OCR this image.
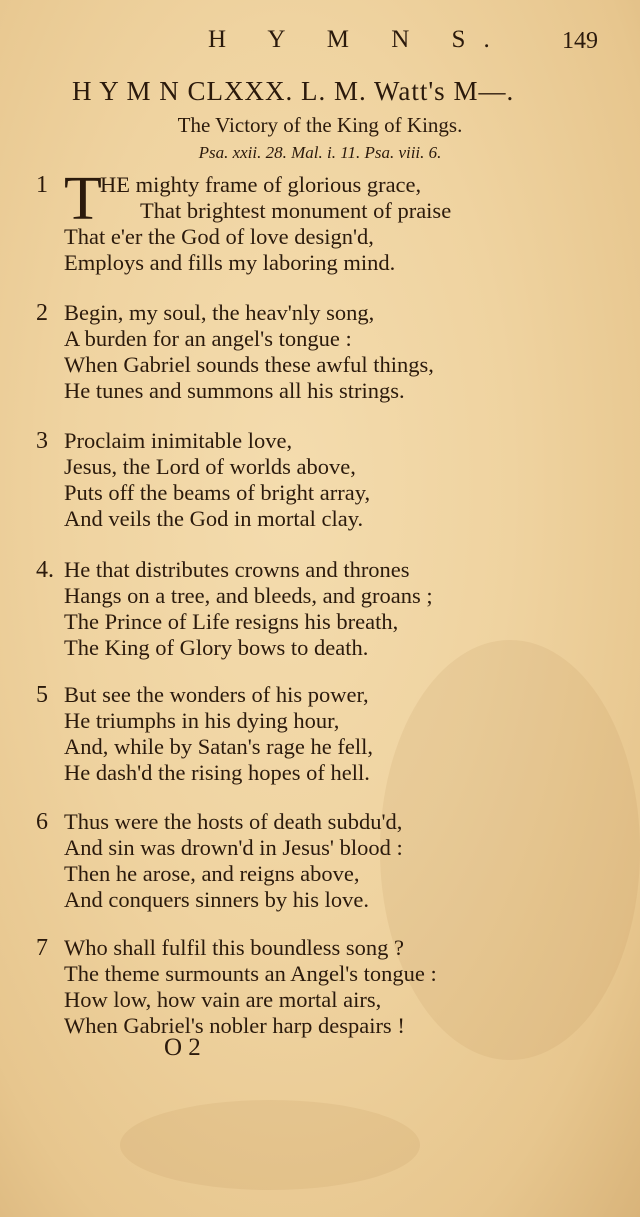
H Y M N S. 149
H Y M N CLXXX. L. M. Watt's M—.
The Victory of the King of Kings.
Psa. xxii. 28. Mal. i. 11. Psa. viii. 6.
1 T
HE mighty frame of glorious grace,
That brightest monument of praise
That e'er the God of love design'd,
Employs and fills my laboring mind.
2 Begin, my soul, the heav'nly song,
A burden for an angel's tongue :
When Gabriel sounds these awful things,
He tunes and summons all his strings.
3 Proclaim inimitable love,
Jesus, the Lord of worlds above,
Puts off the beams of bright array,
And veils the God in mortal clay.
4. He that distributes crowns and thrones
Hangs on a tree, and bleeds, and groans ;
The Prince of Life resigns his breath,
The King of Glory bows to death.
5 But see the wonders of his power,
He triumphs in his dying hour,
And, while by Satan's rage he fell,
He dash'd the rising hopes of hell.
6 Thus were the hosts of death subdu'd,
And sin was drown'd in Jesus' blood :
Then he arose, and reigns above,
And conquers sinners by his love.
7 Who shall fulfil this boundless song ?
The theme surmounts an Angel's tongue :
How low, how vain are mortal airs,
When Gabriel's nobler harp despairs !
O 2
